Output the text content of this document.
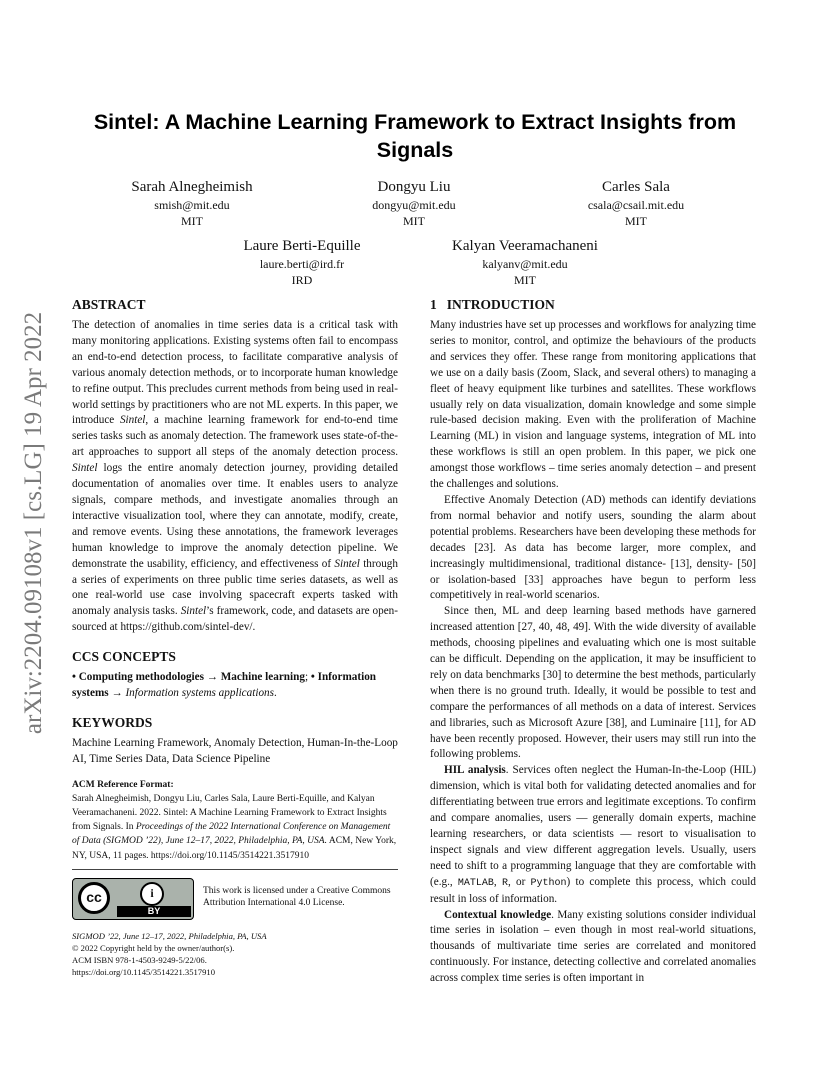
arXiv:2204.09108v1 [cs.LG] 19 Apr 2022
Sintel: A Machine Learning Framework to Extract Insights from Signals
Sarah Alnegheimish
smish@mit.edu
MIT
Dongyu Liu
dongyu@mit.edu
MIT
Carles Sala
csala@csail.mit.edu
MIT
Laure Berti-Equille
laure.berti@ird.fr
IRD
Kalyan Veeramachaneni
kalyanv@mit.edu
MIT
ABSTRACT

The detection of anomalies in time series data is a critical task with many monitoring applications. Existing systems often fail to encompass an end-to-end detection process, to facilitate comparative analysis of various anomaly detection methods, or to incorporate human knowledge to refine output. This precludes current methods from being used in real-world settings by practitioners who are not ML experts. In this paper, we introduce Sintel, a machine learning framework for end-to-end time series tasks such as anomaly detection. The framework uses state-of-the-art approaches to support all steps of the anomaly detection process. Sintel logs the entire anomaly detection journey, providing detailed documentation of anomalies over time. It enables users to analyze signals, compare methods, and investigate anomalies through an interactive visualization tool, where they can annotate, modify, create, and remove events. Using these annotations, the framework leverages human knowledge to improve the anomaly detection pipeline. We demonstrate the usability, efficiency, and effectiveness of Sintel through a series of experiments on three public time series datasets, as well as one real-world use case involving spacecraft experts tasked with anomaly analysis tasks. Sintel’s framework, code, and datasets are open-sourced at https://github.com/sintel-dev/.

CCS CONCEPTS

• Computing methodologies → Machine learning; • Information systems → Information systems applications.

KEYWORDS

Machine Learning Framework, Anomaly Detection, Human-In-the-Loop AI, Time Series Data, Data Science Pipeline

ACM Reference Format:
Sarah Alnegheimish, Dongyu Liu, Carles Sala, Laure Berti-Equille, and Kalyan Veeramachaneni. 2022. Sintel: A Machine Learning Framework to Extract Insights from Signals. In Proceedings of the 2022 International Conference on Management of Data (SIGMOD ’22), June 12–17, 2022, Philadelphia, PA, USA. ACM, New York, NY, USA, 11 pages. https://doi.org/10.1145/3514221.3517910
cc	i
BY
This work is licensed under a Creative Commons Attribution International 4.0 License.
SIGMOD ’22, June 12–17, 2022, Philadelphia, PA, USA
© 2022 Copyright held by the owner/author(s).
ACM ISBN 978-1-4503-9249-5/22/06.
https://doi.org/10.1145/3514221.3517910
1 INTRODUCTION

Many industries have set up processes and workflows for analyzing time series to monitor, control, and optimize the behaviours of the products and services they offer. These range from monitoring applications that we use on a daily basis (Zoom, Slack, and several others) to managing a fleet of heavy equipment like turbines and satellites. These workflows usually rely on data visualization, domain knowledge and some simple rule-based decision making. Even with the proliferation of Machine Learning (ML) in vision and language systems, integration of ML into these workflows is still an open problem. In this paper, we pick one amongst those workflows – time series anomaly detection – and present the challenges and solutions.

Effective Anomaly Detection (AD) methods can identify deviations from normal behavior and notify users, sounding the alarm about potential problems. Researchers have been developing these methods for decades [23]. As data has become larger, more complex, and increasingly multidimensional, traditional distance- [13], density- [50] or isolation-based [33] approaches have begun to perform less competitively in real-world scenarios.

Since then, ML and deep learning based methods have garnered increased attention [27, 40, 48, 49]. With the wide diversity of available methods, choosing pipelines and evaluating which one is most suitable can be difficult. Depending on the application, it may be insufficient to rely on data benchmarks [30] to determine the best methods, particularly when there is no ground truth. Ideally, it would be possible to test and compare the performances of all methods on a data of interest. Services and libraries, such as Microsoft Azure [38], and Luminaire [11], for AD have been recently proposed. However, their users may still run into the following problems.

HIL analysis. Services often neglect the Human-In-the-Loop (HIL) dimension, which is vital both for validating detected anomalies and for differentiating between true errors and legitimate exceptions. To confirm and compare anomalies, users — generally domain experts, machine learning researchers, or data scientists — resort to visualisation to inspect signals and view different aggregation levels. Usually, users need to shift to a programming language that they are comfortable with (e.g., MATLAB, R, or Python) to complete this process, which could result in loss of information.

Contextual knowledge. Many existing solutions consider individual time series in isolation – even though in most real-world situations, thousands of multivariate time series are correlated and monitored continuously. For instance, detecting collective and correlated anomalies across complex time series is often important in
